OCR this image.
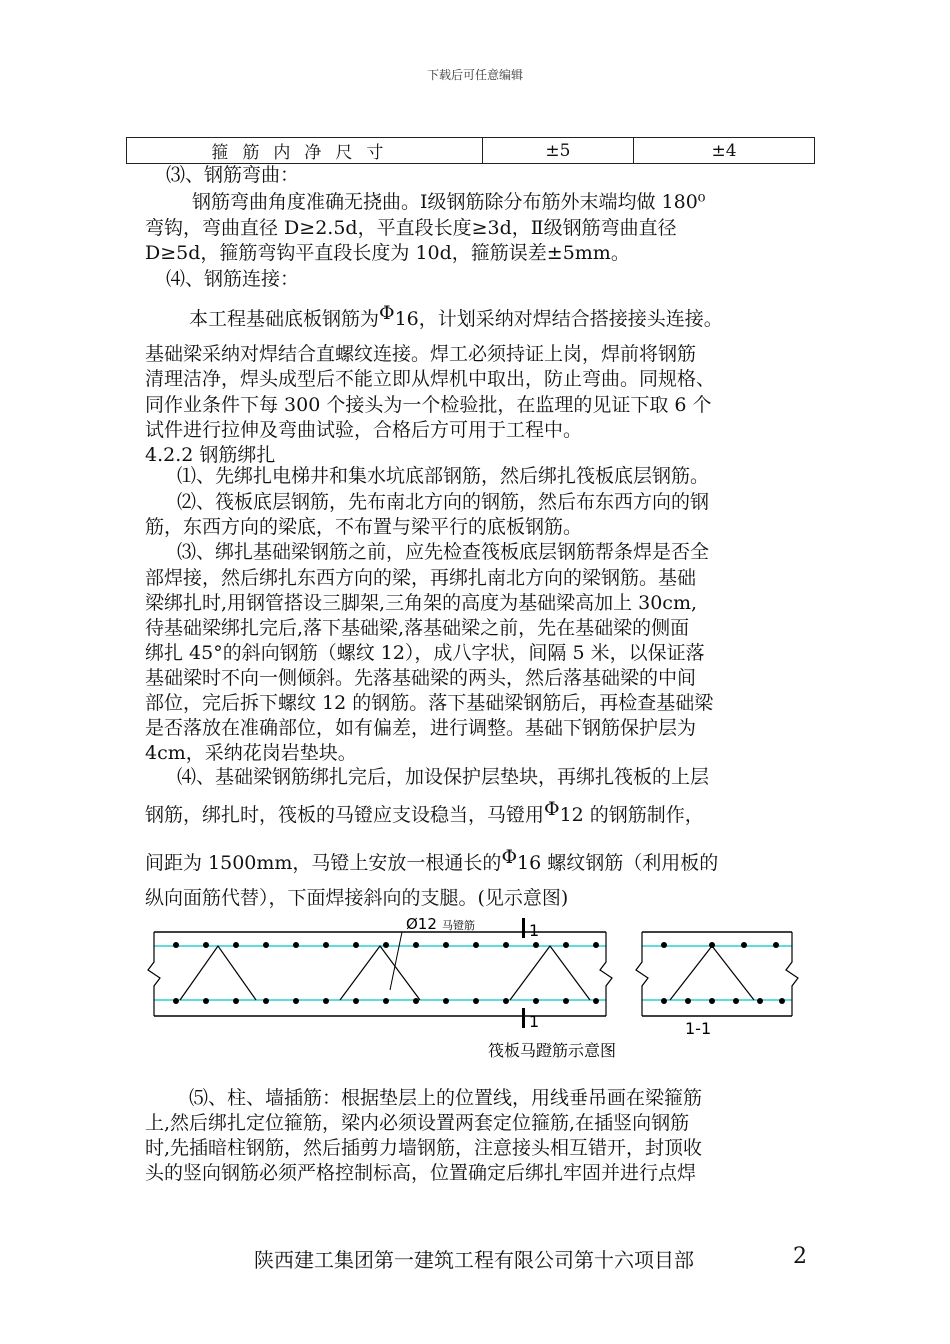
下载后可任意编辑
箍筋内净尺寸	±5	±4
⑶、钢筋弯曲：
钢筋弯曲角度准确无挠曲。Ⅰ级钢筋除分布筋外末端均做 180⁰
弯钩，弯曲直径 D≥2.5d，平直段长度≥3d，Ⅱ级钢筋弯曲直径
D≥5d，箍筋弯钩平直段长度为 10d，箍筋误差±5mm。
⑷、钢筋连接：
本工程基础底板钢筋为Φ16，计划采纳对焊结合搭接接头连接。
基础梁采纳对焊结合直螺纹连接。焊工必须持证上岗，焊前将钢筋
清理洁净，焊头成型后不能立即从焊机中取出，防止弯曲。同规格、
同作业条件下每 300 个接头为一个检验批，在监理的见证下取 6 个
试件进行拉伸及弯曲试验，合格后方可用于工程中。
4.2.2 钢筋绑扎
⑴、先绑扎电梯井和集水坑底部钢筋，然后绑扎筏板底层钢筋。
⑵、筏板底层钢筋，先布南北方向的钢筋，然后布东西方向的钢
筋，东西方向的梁底，不布置与梁平行的底板钢筋。
⑶、绑扎基础梁钢筋之前，应先检查筏板底层钢筋帮条焊是否全
部焊接，然后绑扎东西方向的梁，再绑扎南北方向的梁钢筋。基础
梁绑扎时,用钢管搭设三脚架,三角架的高度为基础梁高加上 30cm,
待基础梁绑扎完后,落下基础梁,落基础梁之前，先在基础梁的侧面
绑扎 45°的斜向钢筋（螺纹 12），成八字状，间隔 5 米，以保证落
基础梁时不向一侧倾斜。先落基础梁的两头，然后落基础梁的中间
部位，完后拆下螺纹 12 的钢筋。落下基础梁钢筋后，再检查基础梁
是否落放在准确部位，如有偏差，进行调整。基础下钢筋保护层为
4cm，采纳花岗岩垫块。
⑷、基础梁钢筋绑扎完后，加设保护层垫块，再绑扎筏板的上层
钢筋，绑扎时，筏板的马镫应支设稳当，马镫用Φ12 的钢筋制作，
间距为 1500mm，马镫上安放一根通长的Φ16 螺纹钢筋（利用板的
纵向面筋代替），下面焊接斜向的支腿。(见示意图)
Ø12 马镫筋	1
1	1-1
筏板马蹬筋示意图
⑸、柱、墙插筋：根据垫层上的位置线，用线垂吊画在梁箍筋
上,然后绑扎定位箍筋，梁内必须设置两套定位箍筋,在插竖向钢筋
时,先插暗柱钢筋，然后插剪力墙钢筋，注意接头相互错开，封顶收
头的竖向钢筋必须严格控制标高，位置确定后绑扎牢固并进行点焊
陕西建工集团第一建筑工程有限公司第十六项目部	2
